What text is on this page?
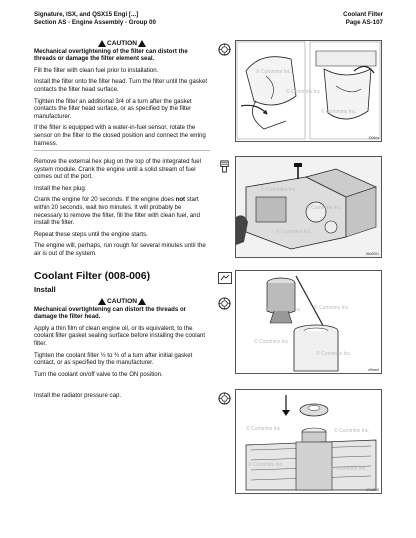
Signature, ISX, and QSX15 Engi [...]
Section AS - Engine Assembly - Group 00
Coolant Filter
Page AS-107
CAUTION

Mechanical overtightening of the filter can distort the threads or damage the filter element seal.

Fill the filter with clean fuel prior to installation.

Install the filter onto the filter head. Turn the filter until the gasket contacts the filter head surface.

Tighten the filter an additional 3/4 of a turn after the gasket contacts the filter head surface, or as specified by the filter manufacturer.

If the filter is equipped with a water-in-fuel sensor, rotate the sensor on the filter to the closed position and connect the wiring harness.

© Cummins Inc.
© Cummins Inc.
© Cummins Inc.
f00dea

Remove the external hex plug on the top of the integrated fuel system module. Crank the engine until a solid stream of fuel comes out of the port.

Install the hex plug.

Crank the engine for 20 seconds. If the engine does not start within 20 seconds, wait two minutes. It will probably be necessary to remove the filter, fill the filter with clean fuel, and install the filter.

Repeat these steps until the engine starts.

The engine will, perhaps, run rough for several minutes until the air is out of the system.

© Cummins Inc.
© Cummins Inc.
© Cummins Inc.
06o0001
Coolant Filter (008-006)
Install
CAUTION

Mechanical overtightening can distort the threads or damage the filter head.

Apply a thin film of clean engine oil, or its equivalent, to the coolant filter gasket sealing surface before installing the coolant filter.

Tighten the coolant filter ½ to ¾ of a turn after initial gasket contact, or as specified by the manufacturer.

Turn the coolant on/off valve to the ON position.

© Cummins Inc. © Cummins Inc.
© Cummins Inc.
© Cummins Inc.
sf0eeel

Install the radiator pressure cap.

© Cummins Inc.	© Cummins Inc.
© Cummins Inc.
© Cummins Inc.
17o0119
